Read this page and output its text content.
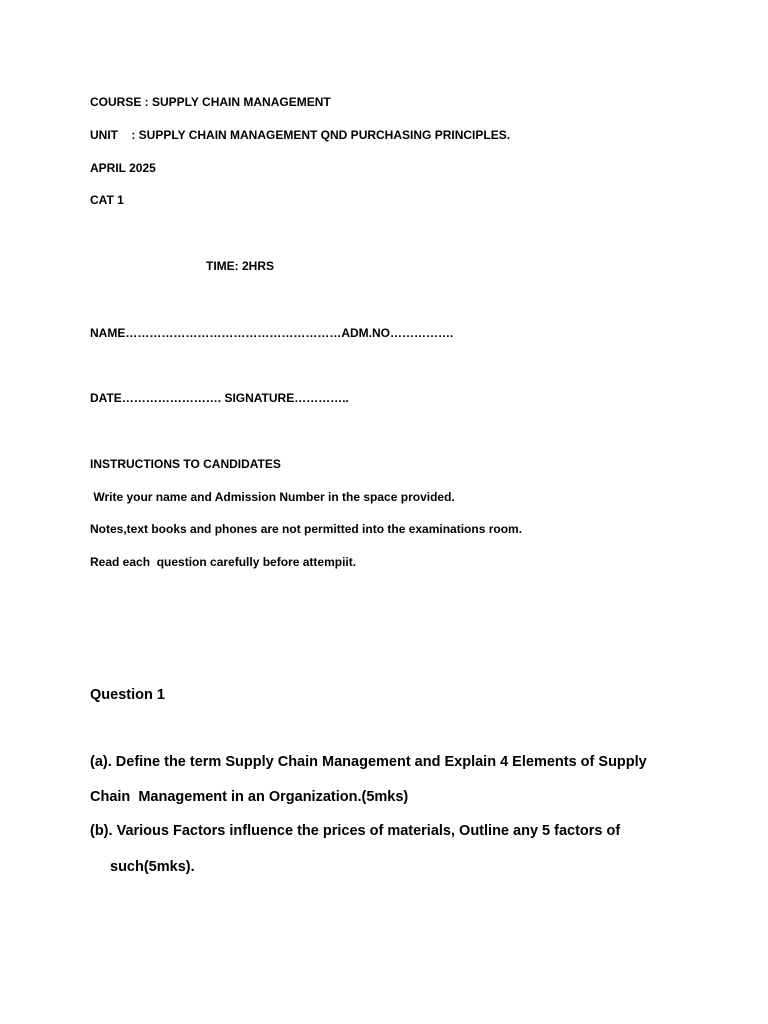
COURSE : SUPPLY CHAIN MANAGEMENT
UNIT    : SUPPLY CHAIN MANAGEMENT QND PURCHASING PRINCIPLES.
APRIL 2025
CAT 1
TIME: 2HRS
NAME………………………………………………ADM.NO…………….
DATE……………………. SIGNATURE…………..
INSTRUCTIONS TO CANDIDATES
Write your name and Admission Number in the space provided.
Notes,text books and phones are not permitted into the examinations room.
Read each  question carefully before attempiit.
Question 1
(a). Define the term Supply Chain Management and Explain 4 Elements of Supply
Chain  Management in an Organization.(5mks)
(b). Various Factors influence the prices of materials, Outline any 5 factors of
such(5mks).
